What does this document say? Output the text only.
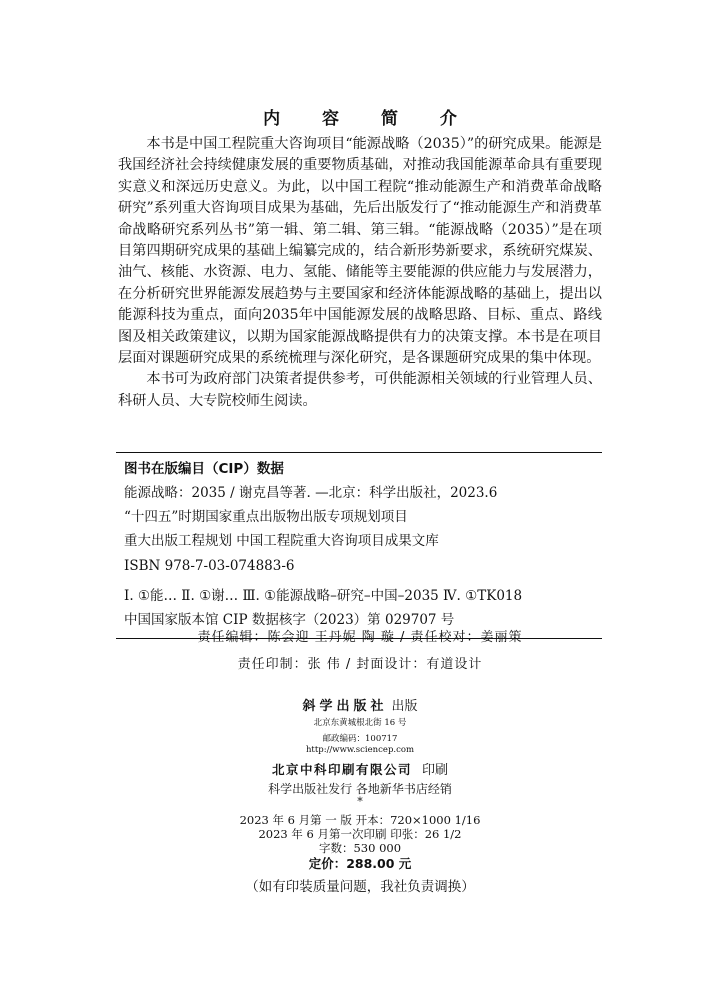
内 容 简 介

本书是中国工程院重大咨询项目“能源战略（2035）”的研究成果。能源是我国经济社会持续健康发展的重要物质基础，对推动我国能源革命具有重要现实意义和深远历史意义。为此，以中国工程院“推动能源生产和消费革命战略研究”系列重大咨询项目成果为基础，先后出版发行了“推动能源生产和消费革命战略研究系列丛书”第一辑、第二辑、第三辑。“能源战略（2035）”是在项目第四期研究成果的基础上编纂完成的，结合新形势新要求，系统研究煤炭、油气、核能、水资源、电力、氢能、储能等主要能源的供应能力与发展潜力，在分析研究世界能源发展趋势与主要国家和经济体能源战略的基础上，提出以能源科技为重点，面向2035年中国能源发展的战略思路、目标、重点、路线图及相关政策建议，以期为国家能源战略提供有力的决策支撑。本书是在项目层面对课题研究成果的系统梳理与深化研究，是各课题研究成果的集中体现。

本书可为政府部门决策者提供参考，可供能源相关领域的行业管理人员、科研人员、大专院校师生阅读。

图书在版编目（CIP）数据
能源战略：2035 / 谢克昌等著. —北京：科学出版社，2023.6
“十四五”时期国家重点出版物出版专项规划项目
重大出版工程规划 中国工程院重大咨询项目成果文库
ISBN 978-7-03-074883-6
Ⅰ. ①能… Ⅱ. ①谢… Ⅲ. ①能源战略–研究–中国–2035 Ⅳ. ①TK018
中国国家版本馆 CIP 数据核字（2023）第 029707 号
责任编辑：陈会迎 王丹妮 陶 璇 / 责任校对：姜丽策
责任印制：张 伟 / 封面设计：有道设计
斜学出版社 出版
北京东黄城根北街 16 号
邮政编码：100717
http://www.sciencep.com
北京中科印刷有限公司 印刷
科学出版社发行 各地新华书店经销
*
2023 年 6 月第 一 版 开本：720×1000 1/16
2023 年 6 月第一次印刷 印张：26 1/2
字数：530 000
定价：288.00 元
（如有印装质量问题，我社负责调换）
